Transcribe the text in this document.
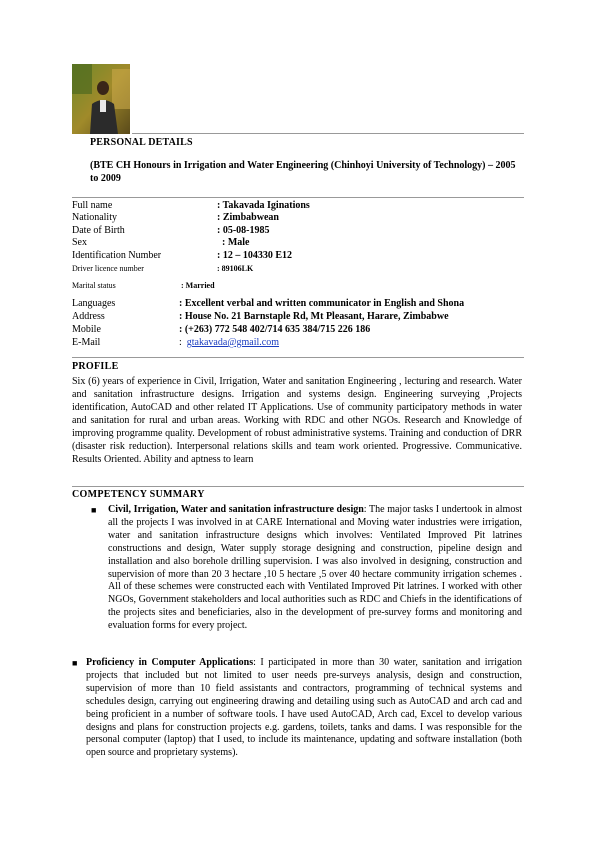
PERSONAL DETAILS
(BTE CH Honours in Irrigation and Water Engineering (Chinhoyi University of Technology) – 2005 to 2009
Full name	: Takavada Iginations
Nationality	: Zimbabwean
Date of Birth	: 05-08-1985
Sex	: Male
Identification Number	: 12 – 104330 E12
Driver licence number	: 89106LK
Marital status	: Married
Languages	: Excellent verbal and written communicator in English and Shona
Address	: House No. 21 Barnstaple Rd, Mt Pleasant, Harare, Zimbabwe
Mobile	: (+263) 772 548 402/714 635 384/715 226 186
E-Mail	: gtakavada@gmail.com
PROFILE
Six (6) years of experience in Civil, Irrigation, Water and sanitation Engineering , lecturing and research. Water and sanitation infrastructure designs. Irrigation and systems design. Engineering surveying ,Projects identification, AutoCAD and other related IT Applications. Use of community participatory methods in water and sanitation for rural and urban areas. Working with RDC and other NGOs. Research and Knowledge of improving programme quality. Development of robust administrative systems. Training and conduction of DRR (disaster risk reduction). Interpersonal relations skills and team work oriented. Progressive. Communicative. Results Oriented. Ability and aptness to learn
COMPETENCY SUMMARY
■ Civil, Irrigation, Water and sanitation infrastructure design: The major tasks I undertook in almost all the projects I was involved in at CARE International and Moving water industries were irrigation, water and sanitation infrastructure designs which involves: Ventilated Improved Pit latrines constructions and design, Water supply storage designing and construction, pipeline design and installation and also borehole drilling supervision. I was also involved in designing, construction and supervision of more than 20 3 hectare ,10 5 hectare ,5 over 40 hectare community irrigation schemes . All of these schemes were constructed each with Ventilated Improved Pit latrines. I worked with other NGOs, Government stakeholders and local authorities such as RDC and Chiefs in the identifications of the projects sites and beneficiaries, also in the development of pre-survey forms and monitoring and evaluation forms for every project.
■ Proficiency in Computer Applications: I participated in more than 30 water, sanitation and irrigation projects that included but not limited to user needs pre-surveys analysis, design and construction, supervision of more than 10 field assistants and contractors, programming of technical systems and schedules design, carrying out engineering drawing and detailing using such as AutoCAD and arch cad and being proficient in a number of software tools. I have used AutoCAD, Arch cad, Excel to develop various designs and plans for construction projects e.g. gardens, toilets, tanks and dams. I was responsible for the personal computer (laptop) that I used, to include its maintenance, updating and software installation (both open source and proprietary systems).
